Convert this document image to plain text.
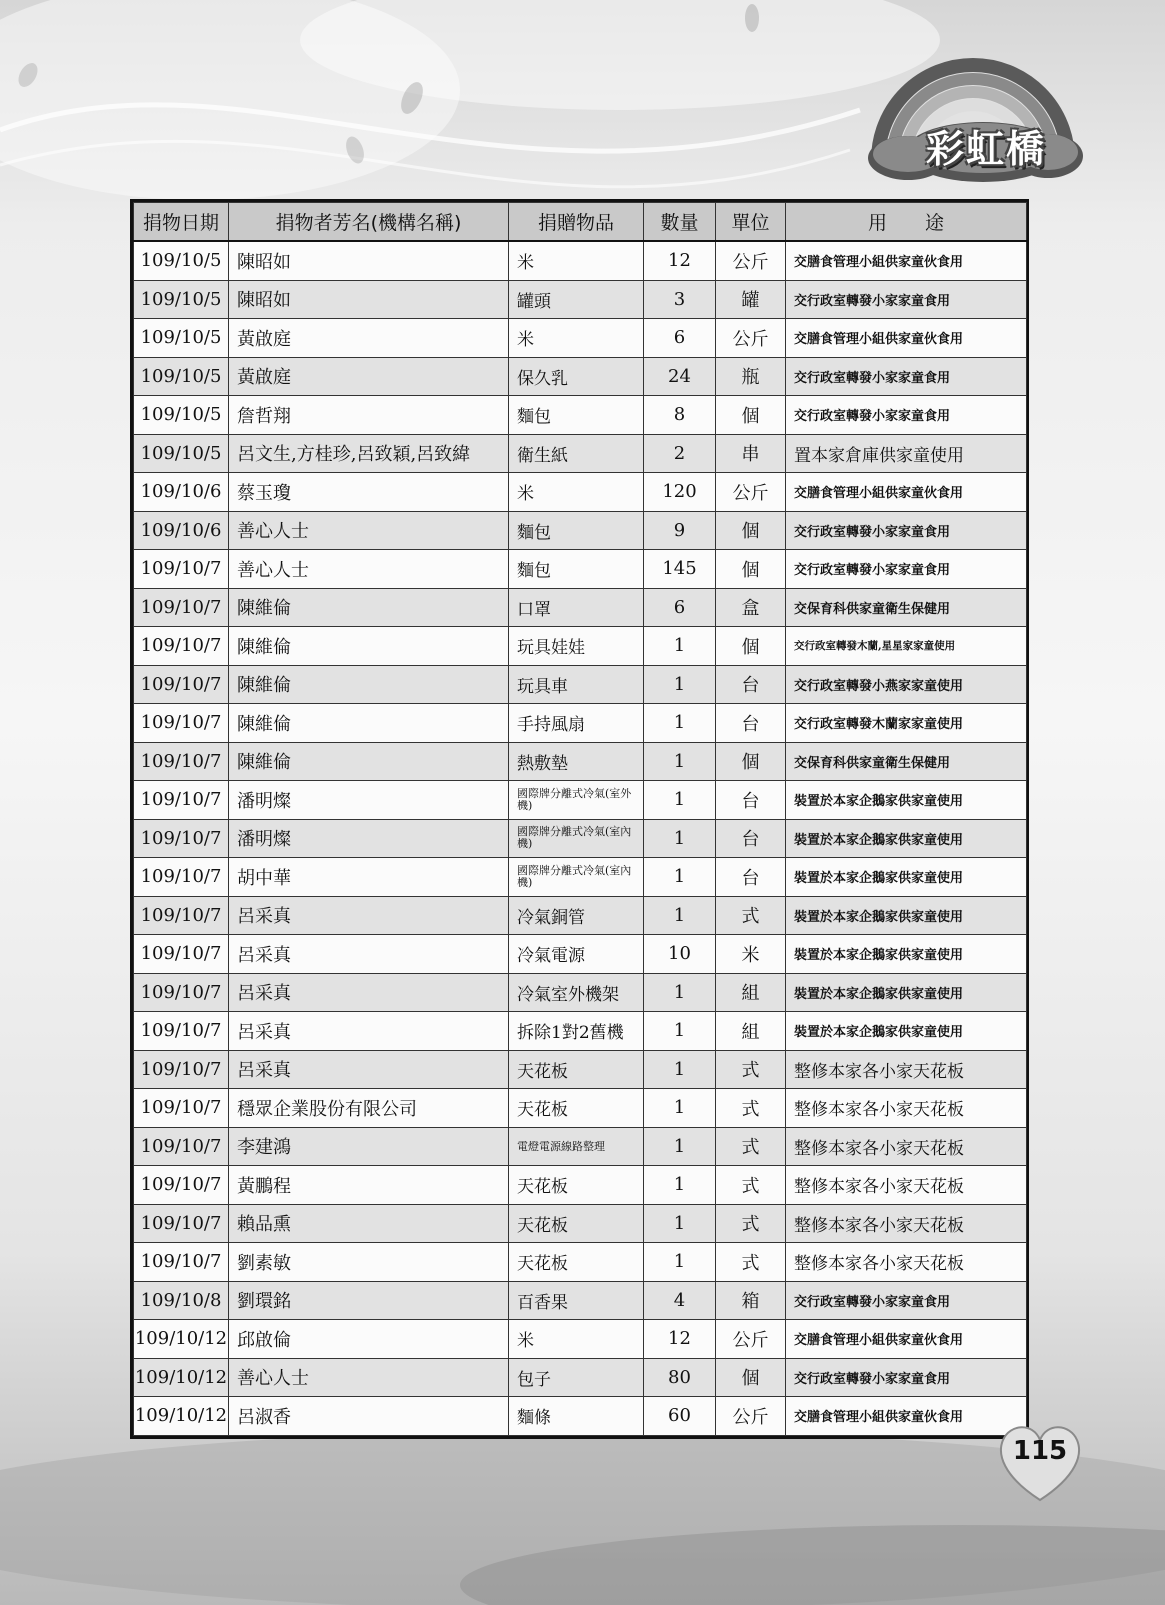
彩虹橋
捐物日期	捐物者芳名(機構名稱)	捐贈物品	數量	單位	用　　途
109/10/5	陳昭如	米	12	公斤	交膳食管理小組供家童伙食用
109/10/5	陳昭如	罐頭	3	罐	交行政室轉發小家家童食用
109/10/5	黃啟庭	米	6	公斤	交膳食管理小組供家童伙食用
109/10/5	黃啟庭	保久乳	24	瓶	交行政室轉發小家家童食用
109/10/5	詹哲翔	麵包	8	個	交行政室轉發小家家童食用
109/10/5	呂文生,方桂珍,呂致穎,呂致緯	衛生紙	2	串	置本家倉庫供家童使用
109/10/6	蔡玉瓊	米	120	公斤	交膳食管理小組供家童伙食用
109/10/6	善心人士	麵包	9	個	交行政室轉發小家家童食用
109/10/7	善心人士	麵包	145	個	交行政室轉發小家家童食用
109/10/7	陳維倫	口罩	6	盒	交保育科供家童衛生保健用
109/10/7	陳維倫	玩具娃娃	1	個	交行政室轉發木蘭,星星家家童使用
109/10/7	陳維倫	玩具車	1	台	交行政室轉發小燕家家童使用
109/10/7	陳維倫	手持風扇	1	台	交行政室轉發木蘭家家童使用
109/10/7	陳維倫	熱敷墊	1	個	交保育科供家童衛生保健用
109/10/7	潘明燦	國際牌分離式冷氣(室外機)	1	台	裝置於本家企鵝家供家童使用
109/10/7	潘明燦	國際牌分離式冷氣(室內機)	1	台	裝置於本家企鵝家供家童使用
109/10/7	胡中華	國際牌分離式冷氣(室內機)	1	台	裝置於本家企鵝家供家童使用
109/10/7	呂采真	冷氣銅管	1	式	裝置於本家企鵝家供家童使用
109/10/7	呂采真	冷氣電源	10	米	裝置於本家企鵝家供家童使用
109/10/7	呂采真	冷氣室外機架	1	組	裝置於本家企鵝家供家童使用
109/10/7	呂采真	拆除1對2舊機	1	組	裝置於本家企鵝家供家童使用
109/10/7	呂采真	天花板	1	式	整修本家各小家天花板
109/10/7	穩眾企業股份有限公司	天花板	1	式	整修本家各小家天花板
109/10/7	李建鴻	電燈電源線路整理	1	式	整修本家各小家天花板
109/10/7	黃鵬程	天花板	1	式	整修本家各小家天花板
109/10/7	賴品熏	天花板	1	式	整修本家各小家天花板
109/10/7	劉素敏	天花板	1	式	整修本家各小家天花板
109/10/8	劉環銘	百香果	4	箱	交行政室轉發小家家童食用
109/10/12	邱啟倫	米	12	公斤	交膳食管理小組供家童伙食用
109/10/12	善心人士	包子	80	個	交行政室轉發小家家童食用
109/10/12	呂淑香	麵條	60	公斤	交膳食管理小組供家童伙食用
115
